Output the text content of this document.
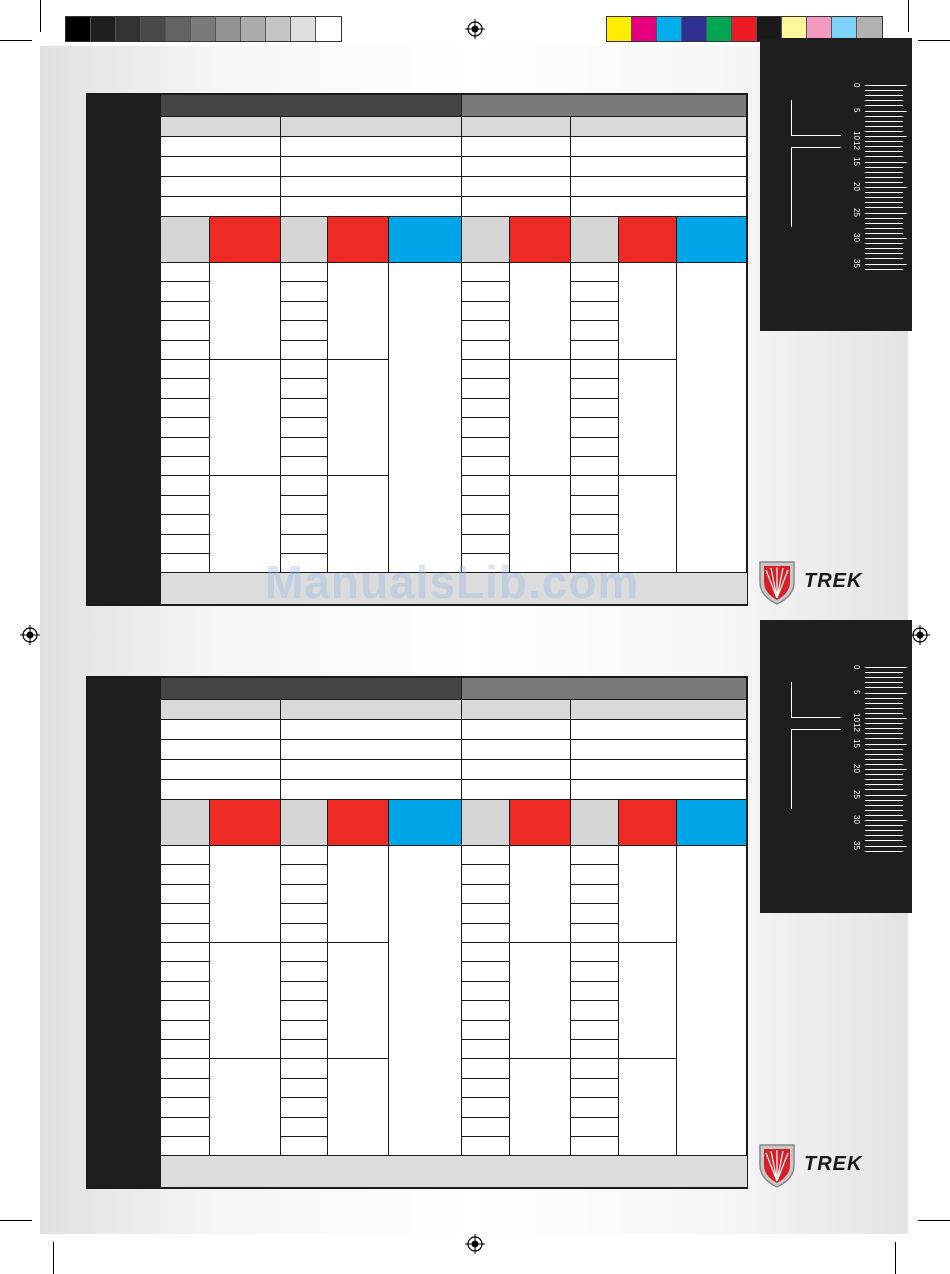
0
5
10
12
15
20
25
30
35
0
5
10
12
15
20
25
30
35
TREK
TREK
ManualsLib.com
